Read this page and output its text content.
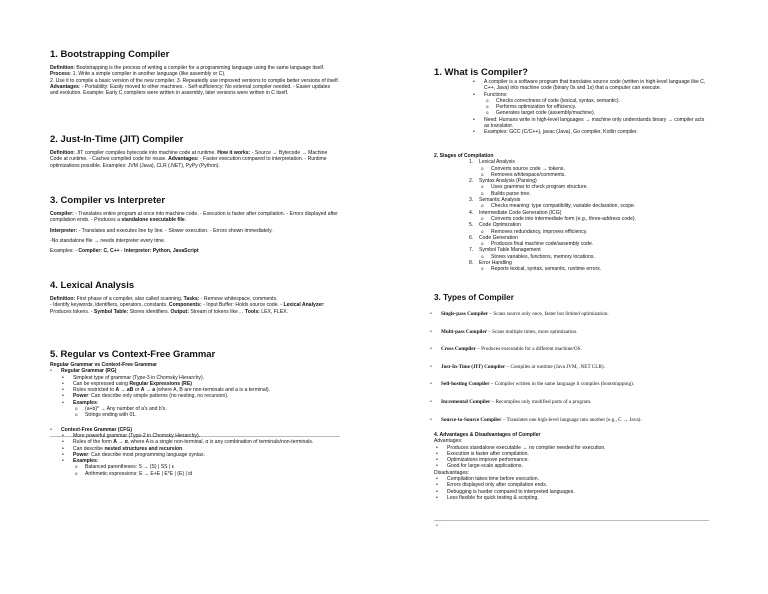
1. Bootstrapping Compiler

Definition: Bootstrapping is the process of writing a compiler for a programming language using the same language itself. Process: 1. Write a simple compiler in another language (like assembly or C).

2. Use it to compile a basic version of the new compiler. 3. Repeatedly use improved versions to compile better versions of itself. Advantages: - Portability: Easily moved to other machines. - Self-sufficiency: No external compiler needed. - Easier updates and evolution. Example: Early C compilers were written in assembly, later versions were written in C itself.

2. Just-In-Time (JIT) Compiler

Definition: JIT compiler compiles bytecode into machine code at runtime. How it works: - Source → Bytecode → Machine Code at runtime. - Caches compiled code for reuse. Advantages: - Faster execution compared to interpretation. - Runtime optimizations possible. Examples: JVM (Java), CLR (.NET), PyPy (Python).

3. Compiler vs Interpreter

Compiler: - Translates entire program at once into machine code. - Execution is faster after compilation. - Errors displayed after compilation ends. - Produces a standalone executable file.

Interpreter: - Translates and executes line by line. - Slower execution. - Errors shown immediately.

-No standalone file → needs interpreter every time.

Examples: - Compiler: C, C++ - Interpreter: Python, JavaScript

4. Lexical Analysis

Definition: First phase of a compiler, also called scanning. Tasks: - Remove whitespace, comments.

- Identify keywords, identifiers, operators, constants. Components: - Input Buffer: Holds source code. - Lexical Analyzer: Produces tokens. - Symbol Table: Stores identifiers. Output: Stream of tokens like , . Tools: LEX, FLEX.

5. Regular vs Context-Free Grammar
Regular Grammar vs Context-Free Grammar
• Regular Grammar (RG)
• Simplest type of grammar (Type-3 in Chomsky Hierarchy).
• Can be expressed using Regular Expressions (RE)
• Rules restricted to A → aB or A → a (where A, B are non-terminals and a is a terminal).
• Power: Can describe only simple patterns (no nesting, no recursion).
• Examples:
o (a+b)* → Any number of a's and b's.
o Strings ending with 01.
• Context-Free Grammar (CFG)
• More powerful grammar (Type-2 in Chomsky Hierarchy).
• Rules of the form A → α, where A is a single non-terminal, α is any combination of terminals/non-terminals.
• Can describe nested structures and recursion.
• Power: Can describe most programming language syntax.
• Examples:
o Balanced parentheses: S → (S) | SS | ε
o Arithmetic expressions: E → E+E | E*E | (E) | id
1. What is Compiler?
• A compiler is a software program that translates source code (written in high-level language like C, C++, Java) into machine code (binary 0s and 1s) that a computer can execute.
• Functions:
o Checks correctness of code (lexical, syntax, semantic).
o Performs optimization for efficiency.
o Generates target code (assembly/machine).
• Need: Humans write in high-level languages → machine only understands binary → compiler acts as translator.
• Examples: GCC (C/C++), javac (Java), Go compiler, Kotlin compiler.
2. Stages of Compilation
1. Lexical Analysis
o Converts source code → tokens.
o Removes whitespace/comments.
2. Syntax Analysis (Parsing)
o Uses grammar to check program structure.
o Builds parse tree.
3. Semantic Analysis
o Checks meaning: type compatibility, variable declaration, scope.
4. Intermediate Code Generation (ICG)
o Converts code into intermediate form (e.g., three-address code).
5. Code Optimization
o Removes redundancy, improves efficiency.
6. Code Generation
o Produces final machine code/assembly code.
7. Symbol Table Management
o Stores variables, functions, memory locations.
8. Error Handling
o Reports lexical, syntax, semantic, runtime errors.
3. Types of Compiler
• Single-pass Compiler – Scans source only once, faster but limited optimization.
• Multi-pass Compiler – Scans multiple times, more optimization.
• Cross Compiler – Produces executable for a different machine/OS.
• Just-In-Time (JIT) Compiler – Compiles at runtime (Java JVM, .NET CLR).
• Self-hosting Compiler – Compiler written in the same language it compiles (bootstrapping).
• Incremental Compiler – Recompiles only modified parts of a program.
• Source-to-Source Compiler – Translates one high-level language into another (e.g., C → Java).
4. Advantages & Disadvantages of Compiler
Advantages:
• Produces standalone executable → no compiler needed for execution.
• Execution is faster after compilation.
• Optimizations improve performance.
• Good for large-scale applications.
Disadvantages:
• Compilation takes time before execution.
• Errors displayed only after compilation ends.
• Debugging is harder compared to interpreted languages.
• Less flexible for quick testing & scripting.
•
